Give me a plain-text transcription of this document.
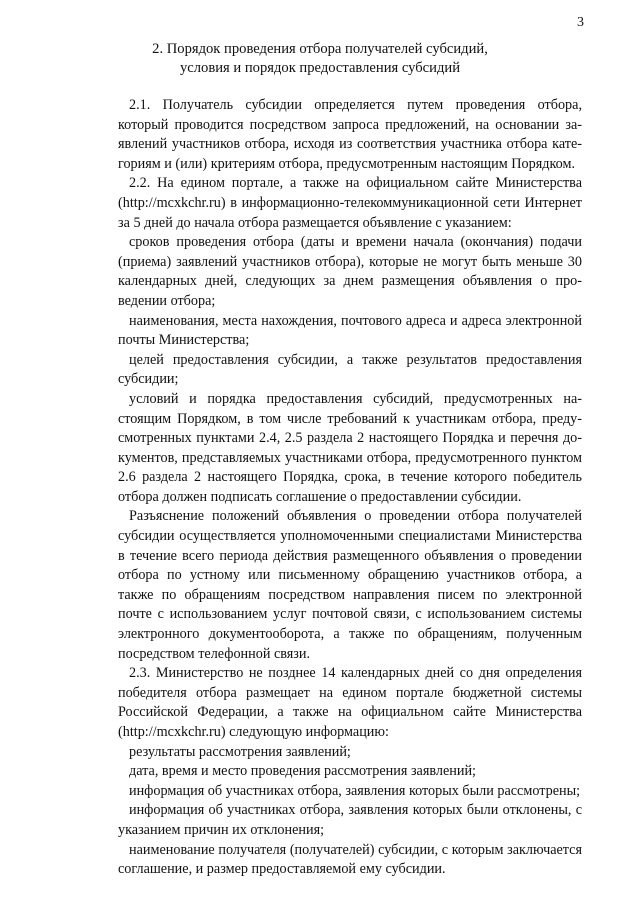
3
2. Порядок проведения отбора получателей субсидий,
условия и порядок предоставления субсидий

2.1. Получатель субсидии определяется путем проведения отбора, который проводится посредством запроса предложений, на основании заявлений участников отбора, исходя из соответствия участника отбора категориям и (или) критериям отбора, предусмотренным настоящим Порядком.

2.2. На едином портале, а также на официальном сайте Министерства (http://mcxkchr.ru) в информационно-телекоммуникационной сети Интернет за 5 дней до начала отбора размещается объявление с указанием:

сроков проведения отбора (даты и времени начала (окончания) подачи (приема) заявлений участников отбора), которые не могут быть меньше 30 календарных дней, следующих за днем размещения объявления о проведении отбора;

наименования, места нахождения, почтового адреса и адреса электронной почты Министерства;

целей предоставления субсидии, а также результатов предоставления субсидии;

условий и порядка предоставления субсидий, предусмотренных настоящим Порядком, в том числе требований к участникам отбора, предусмотренных пунктами 2.4, 2.5 раздела 2 настоящего Порядка и перечня документов, представляемых участниками отбора, предусмотренного пунктом 2.6 раздела 2 настоящего Порядка, срока, в течение которого победитель отбора должен подписать соглашение о предоставлении субсидии.

Разъяснение положений объявления о проведении отбора получателей субсидии осуществляется уполномоченными специалистами Министерства в течение всего периода действия размещенного объявления о проведении отбора по устному или письменному обращению участников отбора, а также по обращениям посредством направления писем по электронной почте с использованием услуг почтовой связи, с использованием системы электронного документооборота, а также по обращениям, полученным посредством телефонной связи.

2.3. Министерство не позднее 14 календарных дней со дня определения победителя отбора размещает на едином портале бюджетной системы Российской Федерации, а также на официальном сайте Министерства (http://mcxkchr.ru) следующую информацию:

результаты рассмотрения заявлений;

дата, время и место проведения рассмотрения заявлений;

информация об участниках отбора, заявления которых были рассмотрены;

информация об участниках отбора, заявления которых были отклонены, с указанием причин их отклонения;

наименование получателя (получателей) субсидии, с которым заключается соглашение, и размер предоставляемой ему субсидии.
